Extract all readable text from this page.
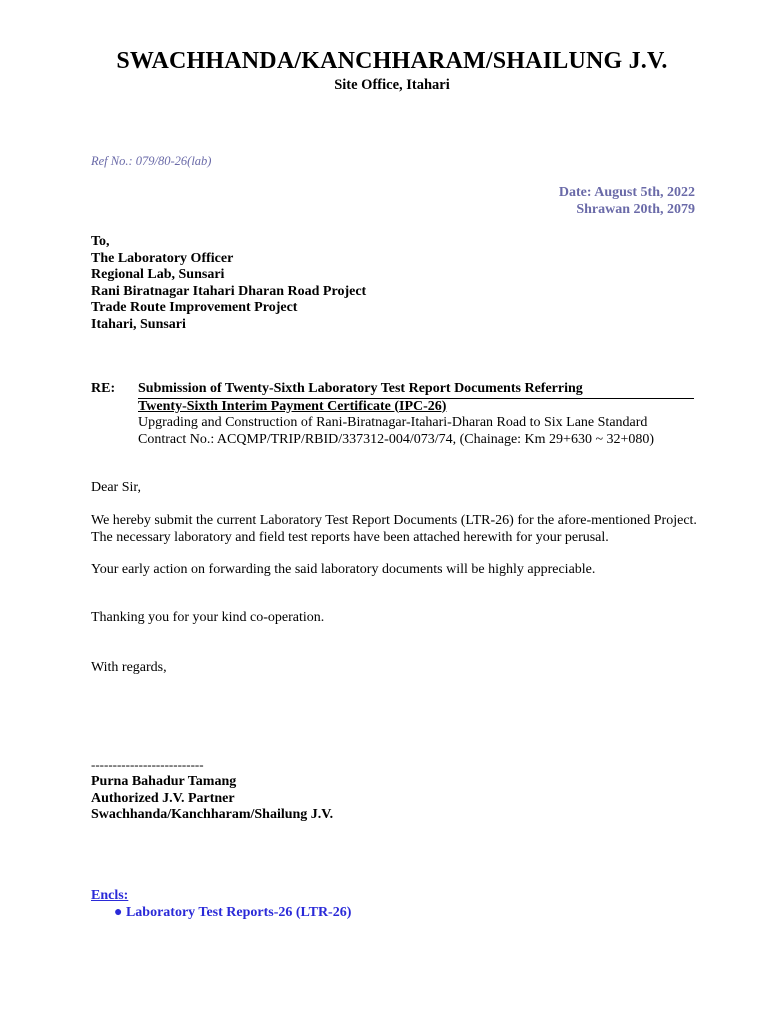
SWACHHANDA/KANCHHARAM/SHAILUNG J.V.
Site Office, Itahari
Ref No.: 079/80-26(lab)
Date: August 5th, 2022
Shrawan 20th, 2079
To,
The Laboratory Officer
Regional Lab, Sunsari
Rani Biratnagar Itahari Dharan Road Project
Trade Route Improvement Project
Itahari, Sunsari
RE: Submission of Twenty-Sixth Laboratory Test Report Documents Referring
Twenty-Sixth Interim Payment Certificate (IPC-26)
Upgrading and Construction of Rani-Biratnagar-Itahari-Dharan Road to Six Lane Standard
Contract No.: ACQMP/TRIP/RBID/337312-004/073/74, (Chainage: Km 29+630 ~ 32+080)
Dear Sir,
We hereby submit the current Laboratory Test Report Documents (LTR-26) for the afore-mentioned Project.
The necessary laboratory and field test reports have been attached herewith for your perusal.
Your early action on forwarding the said laboratory documents will be highly appreciable.
Thanking you for your kind co-operation.
With regards,
--------------------------
Purna Bahadur Tamang
Authorized J.V. Partner
Swachhanda/Kanchharam/Shailung J.V.
Encls:
● Laboratory Test Reports-26 (LTR-26)
